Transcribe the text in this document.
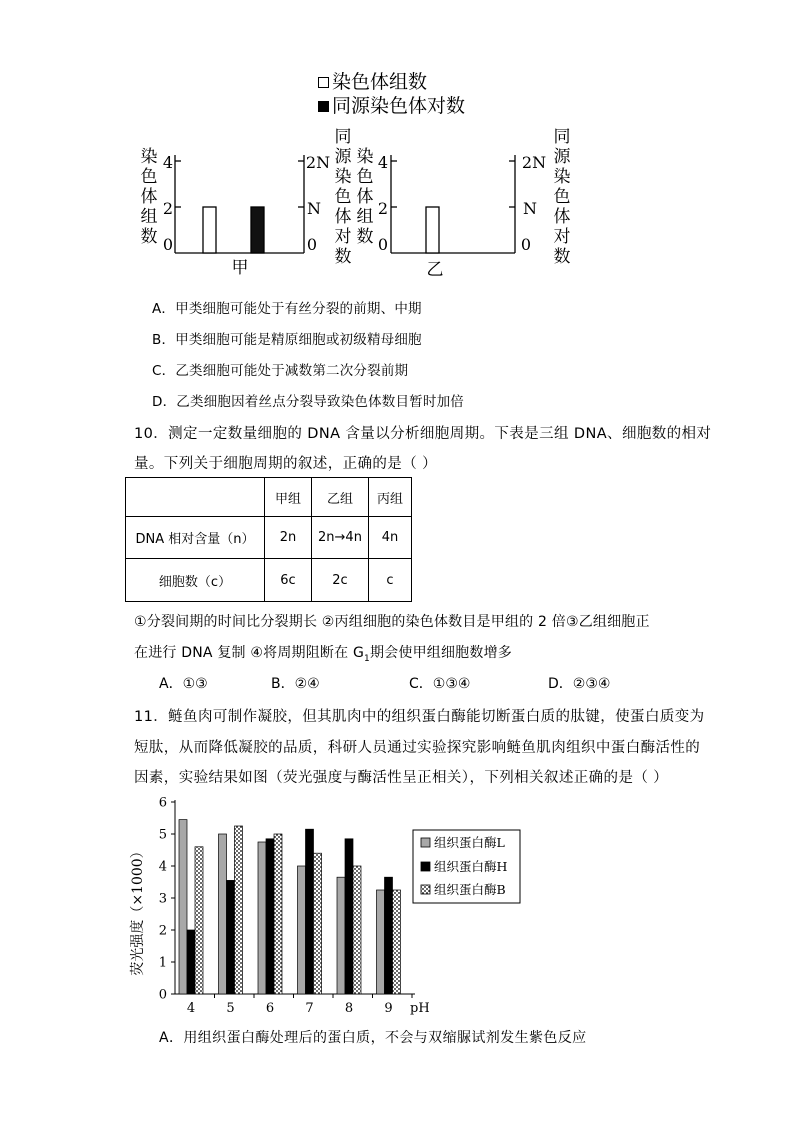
染色体组数
同源染色体对数
染
色
体
组
数
4
2
0
2N
N
0
同
源
染
色
体
对
数
甲
染
色
体
组
数
4
2
0
2N
N
0
同
源
染
色
体
对
数
乙
A．甲类细胞可能处于有丝分裂的前期、中期
B．甲类细胞可能是精原细胞或初级精母细胞
C．乙类细胞可能处于减数第二次分裂前期
D．乙类细胞因着丝点分裂导致染色体数目暂时加倍
10．测定一定数量细胞的 DNA 含量以分析细胞周期。下表是三组 DNA、细胞数的相对
量。下列关于细胞周期的叙述，正确的是（ ）
	甲组	乙组	丙组
DNA 相对含量（n）	2n	2n→4n	4n
细胞数（c）	6c	2c	c
①分裂间期的时间比分裂期长 ②丙组细胞的染色体数目是甲组的 2 倍③乙组细胞正
在进行 DNA 复制 ④将周期阻断在 $G_1$期会使甲组细胞数增多
A．①③	B．②④	C．①③④	D．②③④
11．鲢鱼肉可制作凝胶，但其肌肉中的组织蛋白酶能切断蛋白质的肽键，使蛋白质变为
短肽，从而降低凝胶的品质，科研人员通过实验探究影响鲢鱼肌肉组织中蛋白酶活性的
因素，实验结果如图（荧光强度与酶活性呈正相关），下列相关叙述正确的是（ ）
荧光强度（×1000）
0
1
2
3
4
5
6
4 5 6 7 8 9 pH
组织蛋白酶L
组织蛋白酶H
组织蛋白酶B
A．用组织蛋白酶处理后的蛋白质，不会与双缩脲试剂发生紫色反应
